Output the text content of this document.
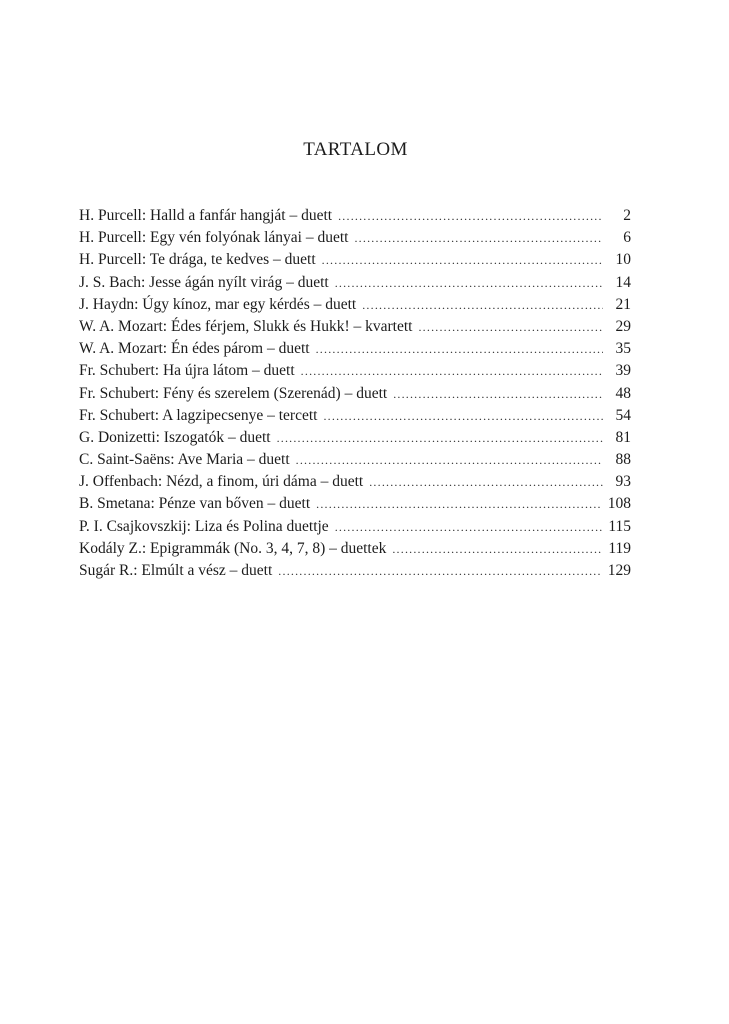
TARTALOM
H. Purcell: Halld a fanfár hangját – duett .....	2
H. Purcell: Egy vén folyónak lányai – duett .....	6
H. Purcell: Te drága, te kedves – duett .....	10
J. S. Bach: Jesse ágán nyílt virág – duett .....	14
J. Haydn: Úgy kínoz, mar egy kérdés – duett .....	21
W. A. Mozart: Édes férjem, Slukk és Hukk! – kvartett .....	29
W. A. Mozart: Én édes párom – duett .....	35
Fr. Schubert: Ha újra látom – duett .....	39
Fr. Schubert: Fény és szerelem (Szerenád) – duett .....	48
Fr. Schubert: A lagzipecsenye – tercett .....	54
G. Donizetti: Iszogatók – duett .....	81
C. Saint-Saëns: Ave Maria – duett .....	88
J. Offenbach: Nézd, a finom, úri dáma – duett .....	93
B. Smetana: Pénze van bőven – duett .....	108
P. I. Csajkovszkij: Liza és Polina duettje .....	115
Kodály Z.: Epigrammák (No. 3, 4, 7, 8) – duettek .....	119
Sugár R.: Elmúlt a vész – duett .....	129
